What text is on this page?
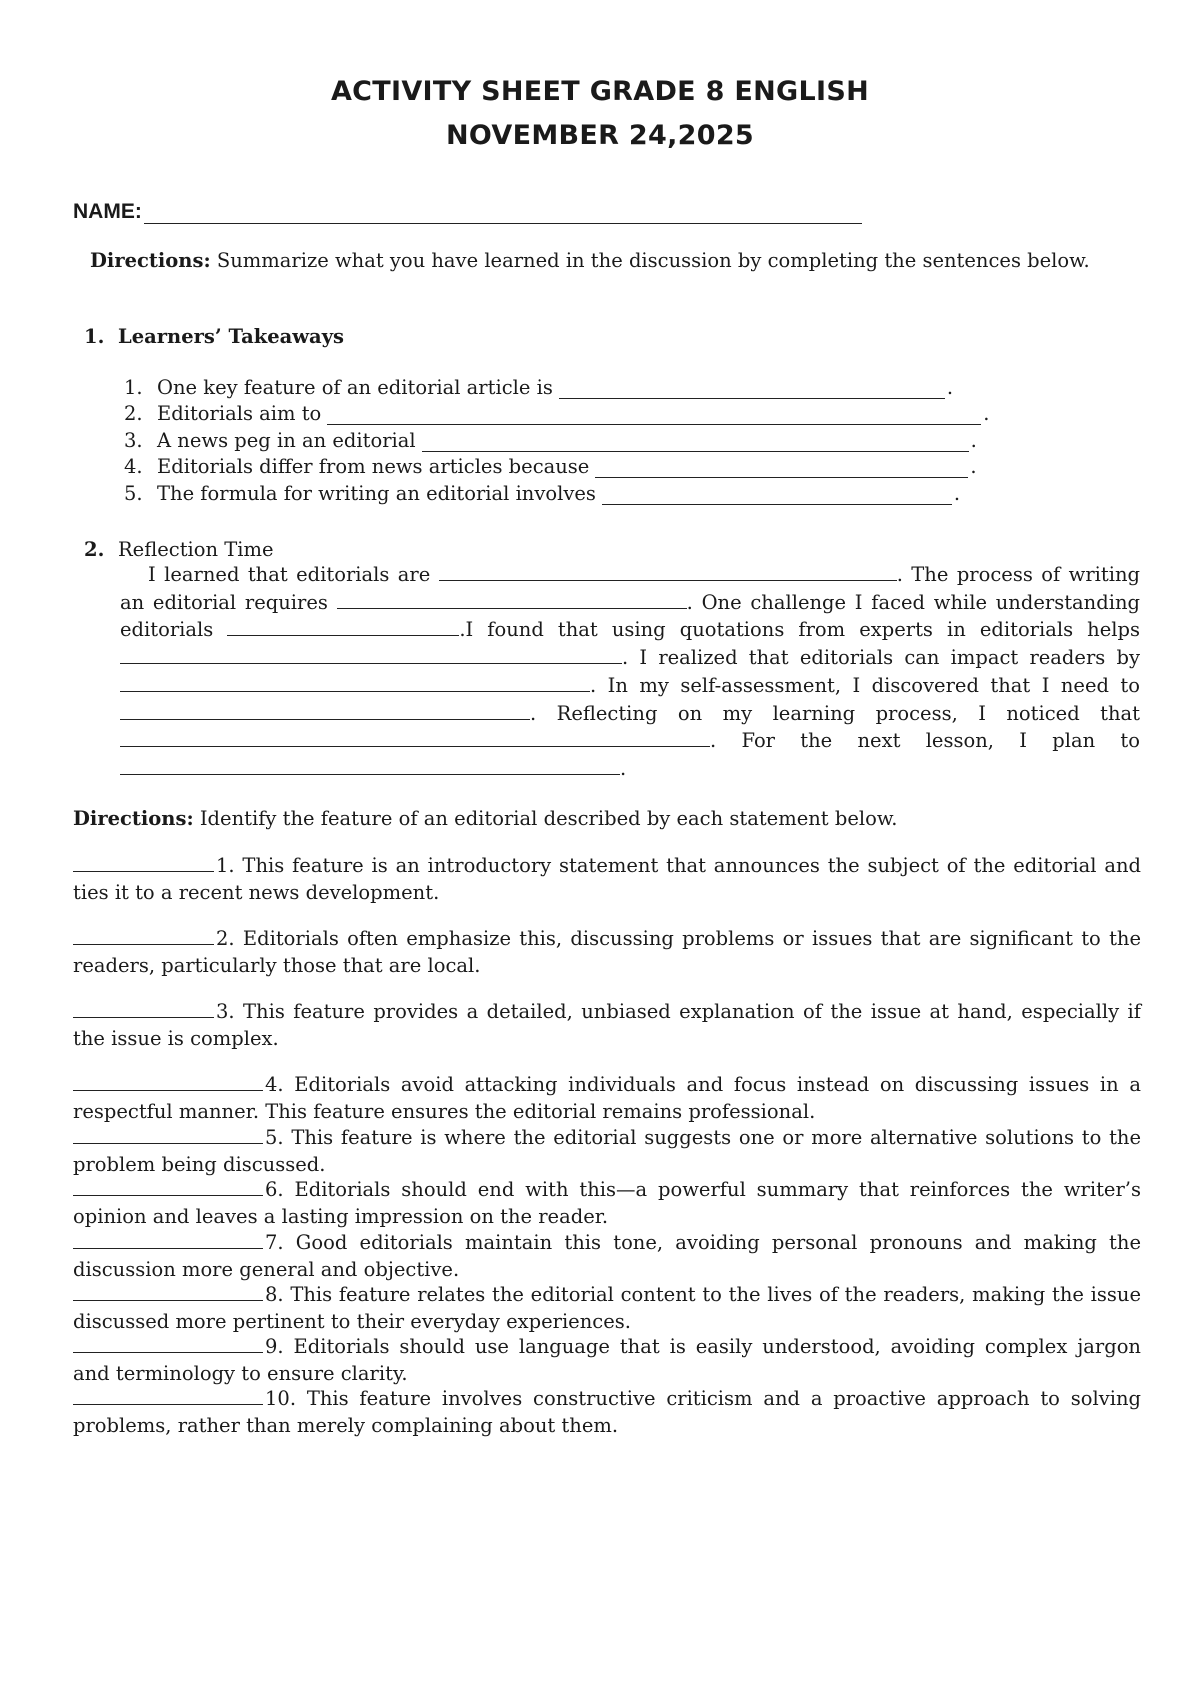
ACTIVITY SHEET GRADE 8 ENGLISH
NOVEMBER 24,2025
NAME:
Directions: Summarize what you have learned in the discussion by completing the sentences below.
1. Learners’ Takeaways
1. One key feature of an editorial article is	.
2. Editorials aim to	.
3. A news peg in an editorial	.
4. Editorials differ from news articles because	.
5. The formula for writing an editorial involves	.
2. Reflection Time
I learned that editorials are	. The process of writing an editorial requires	. One challenge I faced while understanding editorials	.I found that using quotations from experts in editorials helps . I realized that editorials can impact readers by . In my self-assessment, I discovered that I need to . Reflecting on my learning process, I noticed that . For the next lesson, I plan to .
Directions: Identify the feature of an editorial described by each statement below.
1. This feature is an introductory statement that announces the subject of the editorial and ties it to a recent news development.
2. Editorials often emphasize this, discussing problems or issues that are significant to the readers, particularly those that are local.
3. This feature provides a detailed, unbiased explanation of the issue at hand, especially if the issue is complex.
4. Editorials avoid attacking individuals and focus instead on discussing issues in a respectful manner. This feature ensures the editorial remains professional.
5. This feature is where the editorial suggests one or more alternative solutions to the problem being discussed.
6. Editorials should end with this—a powerful summary that reinforces the writer’s opinion and leaves a lasting impression on the reader.
7. Good editorials maintain this tone, avoiding personal pronouns and making the discussion more general and objective.
8. This feature relates the editorial content to the lives of the readers, making the issue discussed more pertinent to their everyday experiences.
9. Editorials should use language that is easily understood, avoiding complex jargon and terminology to ensure clarity.
10. This feature involves constructive criticism and a proactive approach to solving problems, rather than merely complaining about them.
